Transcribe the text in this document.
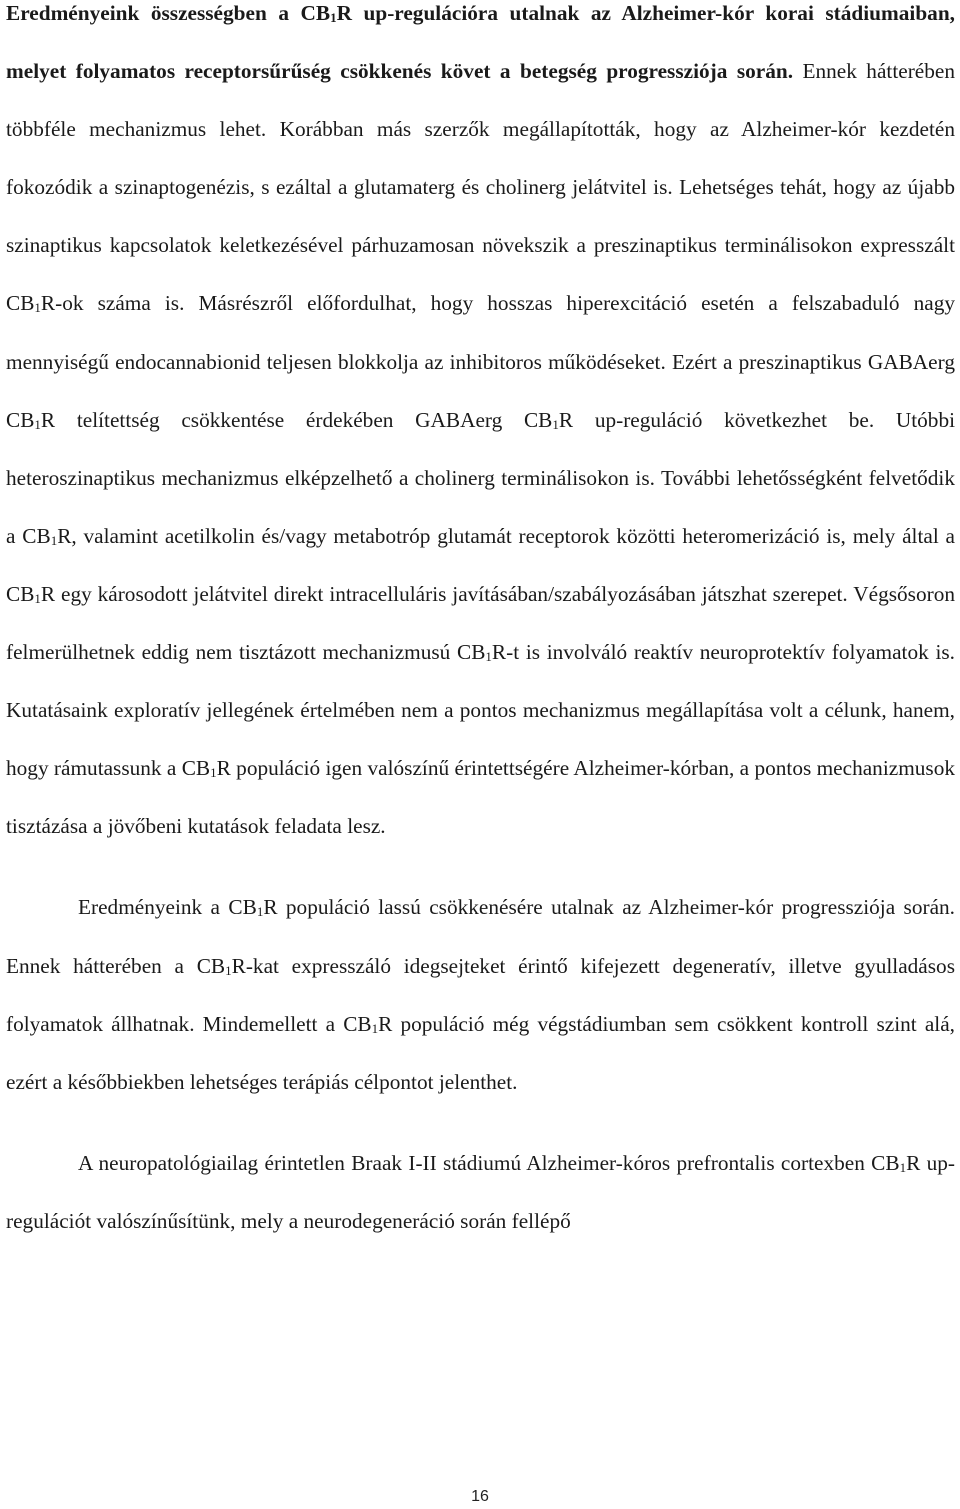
Eredményeink összességben a $CB_1R$ up-regulációra utalnak az Alzheimer-kór korai stádiumaiban, melyet folyamatos receptorsűrűség csökkenés követ a betegség progressziója során. Ennek hátterében többféle mechanizmus lehet. Korábban más szerzők megállapították, hogy az Alzheimer-kór kezdetén fokozódik a szinaptogenézis, s ezáltal a glutamaterg és cholinerg jelátvitel is. Lehetséges tehát, hogy az újabb szinaptikus kapcsolatok keletkezésével párhuzamosan növekszik a preszinaptikus terminálisokon expresszált $CB_1R-ok$ száma is. Másrészről előfordulhat, hogy hosszas hiperexcitáció esetén a felszabaduló nagy mennyiségű endocannabionid teljesen blokkolja az inhibitoros működéseket. Ezért a preszinaptikus GABAerg $CB_1R$ telítettség csökkentése érdekében GABAerg $CB_1R$ up-reguláció következhet be. Utóbbi heteroszinaptikus mechanizmus elképzelhető a cholinerg terminálisokon is. További lehetősségként felvetődik a $CB_1R$, valamint acetilkolin és/vagy metabotróp glutamát receptorok közötti heteromerizáció is, mely által a $CB_1R$ egy károsodott jelátvitel direkt intracelluláris javításában/szabályozásában játszhat szerepet. Végsősoron felmerülhetnek eddig nem tisztázott mechanizmusú $CB_1R-t$ is involváló reaktív neuroprotektív folyamatok is. Kutatásaink exploratív jellegének értelmében nem a pontos mechanizmus megállapítása volt a célunk, hanem, hogy rámutassunk a $CB_1R$ populáció igen valószínű érintettségére Alzheimer-kórban, a pontos mechanizmusok tisztázása a jövőbeni kutatások feladata lesz.

Eredményeink a $CB_1R$ populáció lassú csökkenésére utalnak az Alzheimer-kór progressziója során. Ennek hátterében a $CB_1R$-kat expresszáló idegsejteket érintő kifejezett degeneratív, illetve gyulladásos folyamatok állhatnak. Mindemellett a $CB_1R$ populáció még végstádiumban sem csökkent kontroll szint alá, ezért a későbbiekben lehetséges terápiás célpontot jelenthet.

A neuropatológiailag érintetlen Braak I-II stádiumú Alzheimer-kóros prefrontalis cortexben $CB_1R$ up-regulációt valószínűsítünk, mely a neurodegeneráció során fellépő

16
